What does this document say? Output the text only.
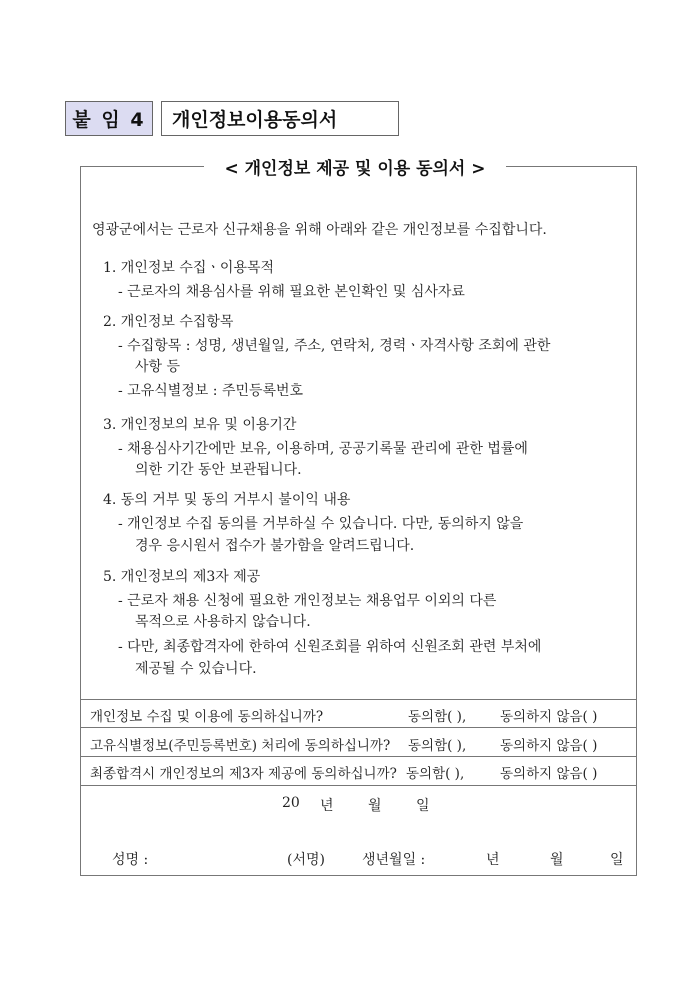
붙 임 4	개인정보이용동의서
< 개인정보 제공 및 이용 동의서 >
영광군에서는 근로자 신규채용을 위해 아래와 같은 개인정보를 수집합니다.
1. 개인정보 수집ㆍ이용목적
- 근로자의 채용심사를 위해 필요한 본인확인 및 심사자료
2. 개인정보 수집항목
- 수집항목 : 성명, 생년월일, 주소, 연락처, 경력ㆍ자격사항 조회에 관한
사항 등
- 고유식별정보 : 주민등록번호
3. 개인정보의 보유 및 이용기간
- 채용심사기간에만 보유, 이용하며, 공공기록물 관리에 관한 법률에
의한 기간 동안 보관됩니다.
4. 동의 거부 및 동의 거부시 불이익 내용
- 개인정보 수집 동의를 거부하실 수 있습니다. 다만, 동의하지 않을
경우 응시원서 접수가 불가함을 알려드립니다.
5. 개인정보의 제3자 제공
- 근로자 채용 신청에 필요한 개인정보는 채용업무 이외의 다른
목적으로 사용하지 않습니다.
- 다만, 최종합격자에 한하여 신원조회를 위하여 신원조회 관련 부처에
제공될 수 있습니다.
개인정보 수집 및 이용에 동의하십니까?	동의함( ),	동의하지 않음( )
고유식별정보(주민등록번호) 처리에 동의하십니까? 동의함( ),	동의하지 않음( )
최종합격시 개인정보의 제3자 제공에 동의하십니까? 동의함( ),	동의하지 않음( )
20 년 월 일
성명 :	(서명)	생년월일 :	년	월	일
